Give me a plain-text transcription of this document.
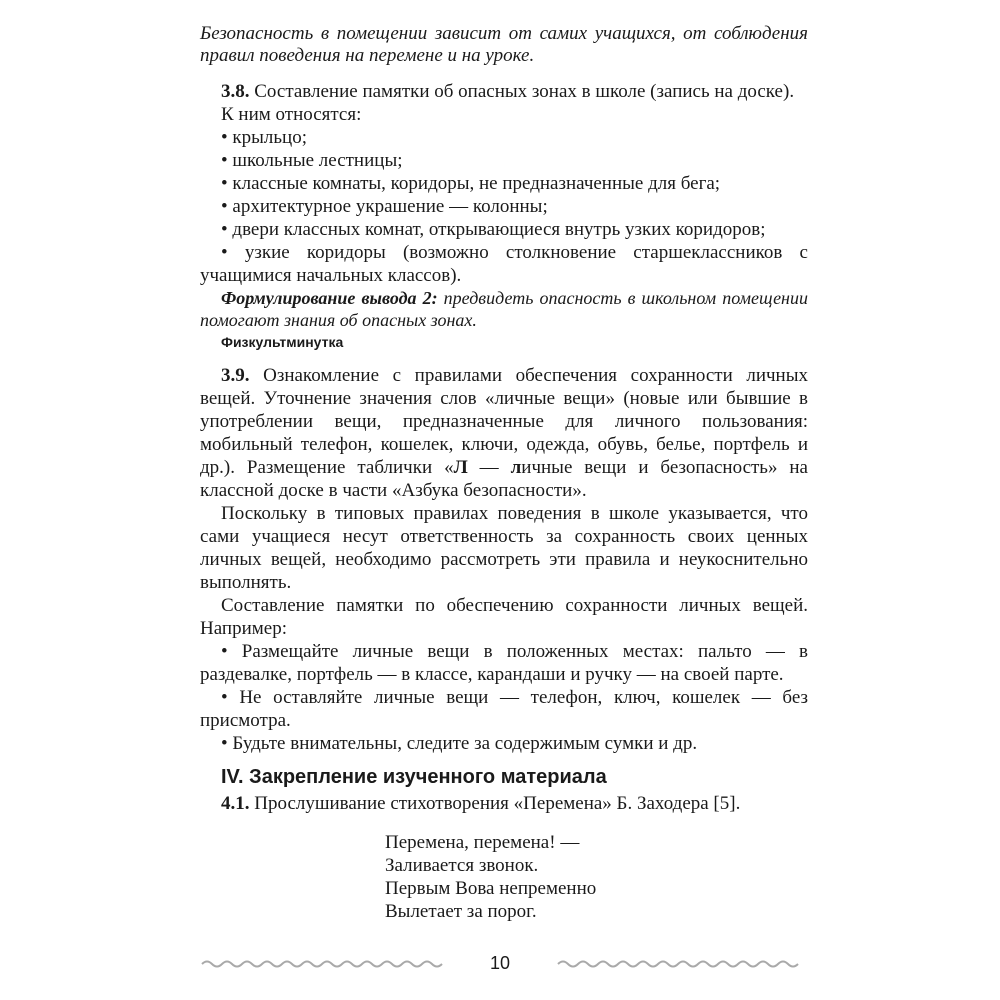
Безопасность в помещении зависит от самих учащихся, от соблюдения правил поведения на перемене и на уроке.

3.8. Составление памятки об опасных зонах в школе (запись на доске).

К ним относятся:

• крыльцо;

• школьные лестницы;

• классные комнаты, коридоры, не предназначенные для бега;

• архитектурное украшение — колонны;

• двери классных комнат, открывающиеся внутрь узких коридоров;

• узкие коридоры (возможно столкновение старшеклассников с учащимися начальных классов).

Формулирование вывода 2: предвидеть опасность в школьном помещении помогают знания об опасных зонах.

Физкультминутка

3.9. Ознакомление с правилами обеспечения сохранности личных вещей. Уточнение значения слов «личные вещи» (новые или бывшие в употреблении вещи, предназначенные для личного пользования: мобильный телефон, кошелек, ключи, одежда, обувь, белье, портфель и др.). Размещение таблички «Л — личные вещи и безопасность» на классной доске в части «Азбука безопасности».

Поскольку в типовых правилах поведения в школе указывается, что сами учащиеся несут ответственность за сохранность своих ценных личных вещей, необходимо рассмотреть эти правила и неукоснительно выполнять.

Составление памятки по обеспечению сохранности личных вещей. Например:

• Размещайте личные вещи в положенных местах: пальто — в раздевалке, портфель — в классе, карандаши и ручку — на своей парте.

• Не оставляйте личные вещи — телефон, ключ, кошелек — без присмотра.

• Будьте внимательны, следите за содержимым сумки и др.

IV. Закрепление изученного материала

4.1. Прослушивание стихотворения «Перемена» Б. Заходера [5].

Перемена, перемена! —
Заливается звонок.
Первым Вова непременно
Вылетает за порог.
10
